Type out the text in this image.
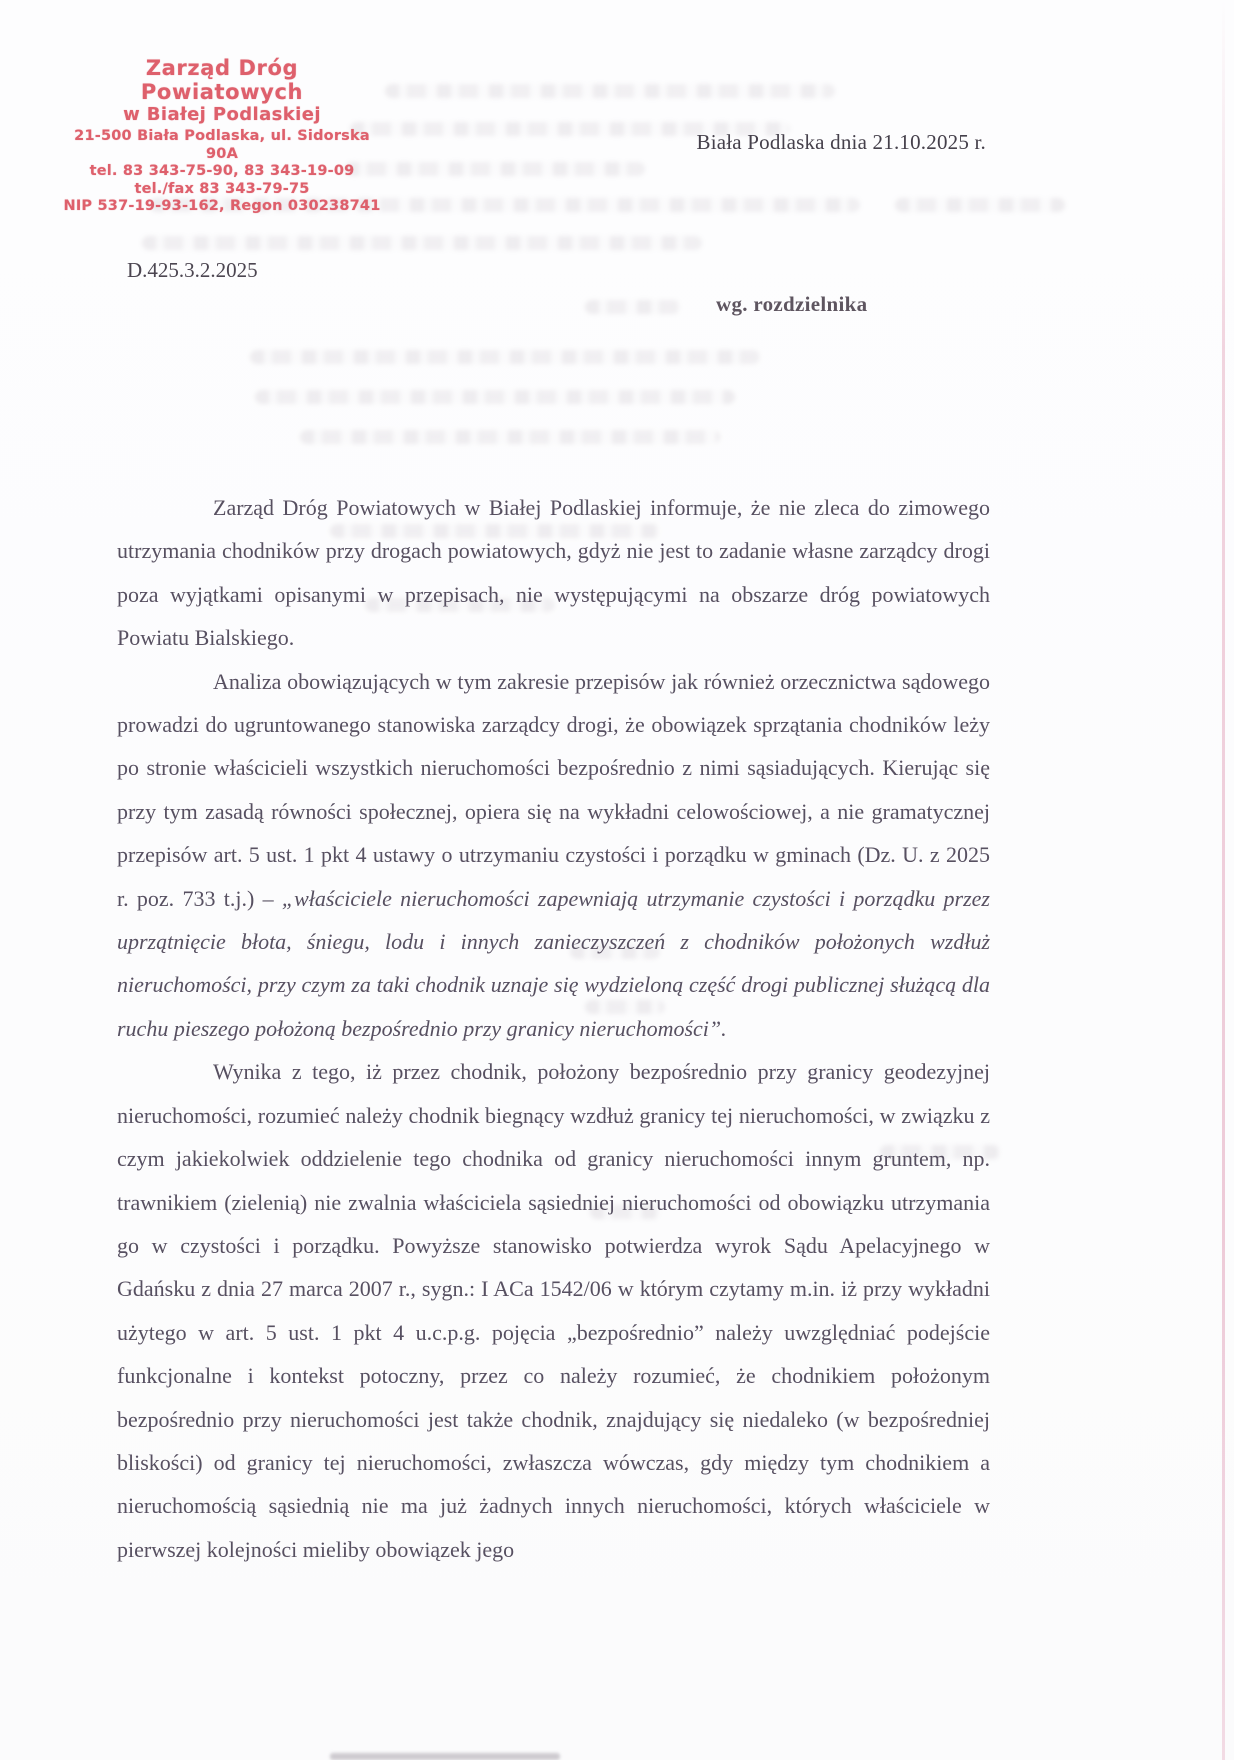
Zarząd Dróg Powiatowych
w Białej Podlaskiej
21-500 Biała Podlaska, ul. Sidorska 90A
tel. 83 343-75-90, 83 343-19-09
tel./fax 83 343-79-75
NIP 537-19-93-162, Regon 030238741
Biała Podlaska dnia 21.10.2025 r.
D.425.3.2.2025
wg. rozdzielnika

Zarząd Dróg Powiatowych w Białej Podlaskiej informuje, że nie zleca do zimowego utrzymania chodników przy drogach powiatowych, gdyż nie jest to zadanie własne zarządcy drogi poza wyjątkami opisanymi w przepisach, nie występującymi na obszarze dróg powiatowych Powiatu Bialskiego.

Analiza obowiązujących w tym zakresie przepisów jak również orzecznictwa sądowego prowadzi do ugruntowanego stanowiska zarządcy drogi, że obowiązek sprzątania chodników leży po stronie właścicieli wszystkich nieruchomości bezpośrednio z nimi sąsiadujących. Kierując się przy tym zasadą równości społecznej, opiera się na wykładni celowościowej, a nie gramatycznej przepisów art. 5 ust. 1 pkt 4 ustawy o utrzymaniu czystości i porządku w gminach (Dz. U. z 2025 r. poz. 733 t.j.) – „właściciele nieruchomości zapewniają utrzymanie czystości i porządku przez uprzątnięcie błota, śniegu, lodu i innych zanieczyszczeń z chodników położonych wzdłuż nieruchomości, przy czym za taki chodnik uznaje się wydzieloną część drogi publicznej służącą dla ruchu pieszego położoną bezpośrednio przy granicy nieruchomości”.

Wynika z tego, iż przez chodnik, położony bezpośrednio przy granicy geodezyjnej nieruchomości, rozumieć należy chodnik biegnący wzdłuż granicy tej nieruchomości, w związku z czym jakiekolwiek oddzielenie tego chodnika od granicy nieruchomości innym gruntem, np. trawnikiem (zielenią) nie zwalnia właściciela sąsiedniej nieruchomości od obowiązku utrzymania go w czystości i porządku. Powyższe stanowisko potwierdza wyrok Sądu Apelacyjnego w Gdańsku z dnia 27 marca 2007 r., sygn.: I ACa 1542/06 w którym czytamy m.in. iż przy wykładni użytego w art. 5 ust. 1 pkt 4 u.c.p.g. pojęcia „bezpośrednio” należy uwzględniać podejście funkcjonalne i kontekst potoczny, przez co należy rozumieć, że chodnikiem położonym bezpośrednio przy nieruchomości jest także chodnik, znajdujący się niedaleko (w bezpośredniej bliskości) od granicy tej nieruchomości, zwłaszcza wówczas, gdy między tym chodnikiem a nieruchomością sąsiednią nie ma już żadnych innych nieruchomości, których właściciele w pierwszej kolejności mieliby obowiązek jego
